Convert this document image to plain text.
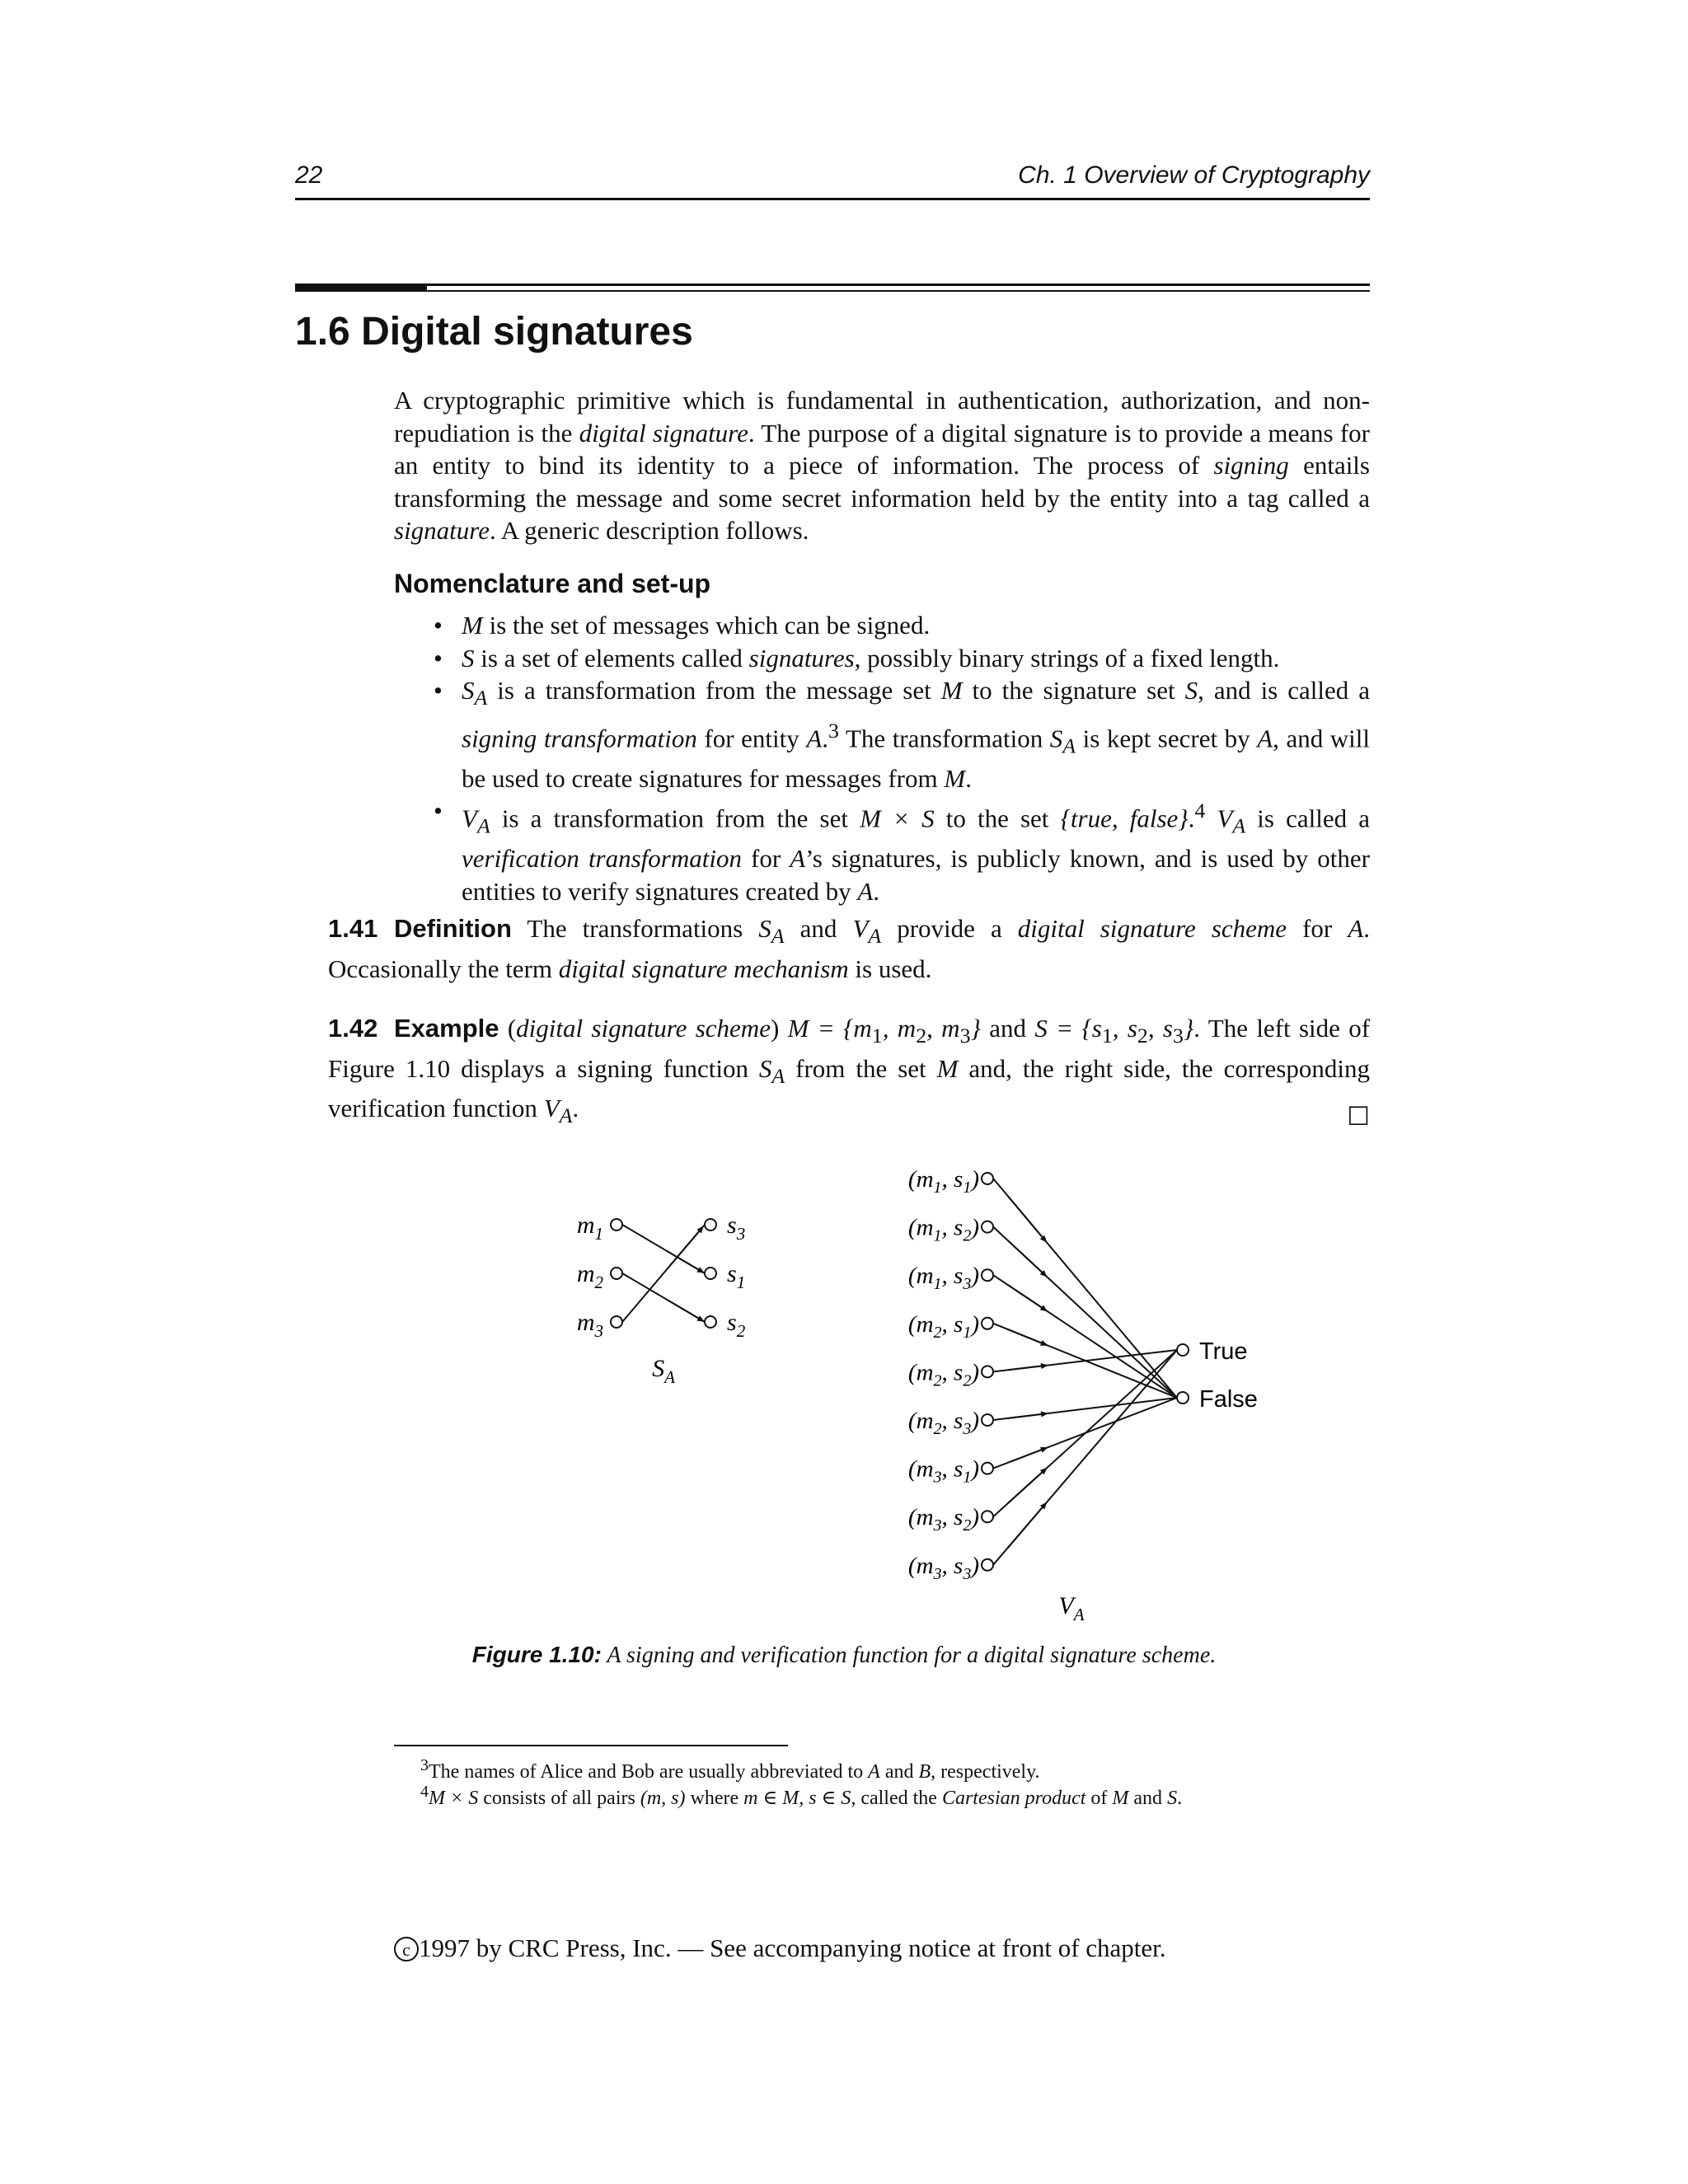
22	Ch. 1 Overview of Cryptography
1.6 Digital signatures

A cryptographic primitive which is fundamental in authentication, authorization, and non-repudiation is the digital signature. The purpose of a digital signature is to provide a means for an entity to bind its identity to a piece of information. The process of signing entails transforming the message and some secret information held by the entity into a tag called a signature. A generic description follows.

Nomenclature and set-up
• M is the set of messages which can be signed.
• S is a set of elements called signatures, possibly binary strings of a fixed length.
• $S_A$ is a transformation from the message set M to the signature set S, and is called a signing transformation for entity A.$^3$ The transformation $S_A$ is kept secret by A, and will be used to create signatures for messages from M.
• $V_A$ is a transformation from the set M × S to the set {true, false}.$^4$ $V_A$ is called a verification transformation for A’s signatures, is publicly known, and is used by other entities to verify signatures created by A.
1.41 Definition The transformations $S_A$ and $V_A$ provide a digital signature scheme for A. Occasionally the term digital signature mechanism is used.
1.42 Example (digital signature scheme) $M = \{m_1$, $m_2$, $m_3$} and $S = \{s_1$, $s_2$, $s_3$}. The left side of Figure 1.10 displays a signing function $S_A$ from the set M and, the right side, the corresponding verification function $V_A$.	☐
$m_1$
$m_2$
$m_3$
$s_3$
$s_1$
$s_2$
$S_A$
($m_1$, $s_1$)
($m_1$, $s_2$)
($m_1$, $s_3$)
($m_2$, $s_1$)
($m_2$, $s_2$)
($m_2$, $s_3$)
($m_3$, $s_1$)
($m_3$, $s_2$)
($m_3$, $s_3$)
True
False
$V_A$
Figure 1.10: A signing and verification function for a digital signature scheme.
$^3$The names of Alice and Bob are usually abbreviated to A and B, respectively.
$^4$M × S consists of all pairs (m, s) where m ∈ M, s ∈ S, called the Cartesian product of M and S.
c 1997 by CRC Press, Inc. — See accompanying notice at front of chapter.
